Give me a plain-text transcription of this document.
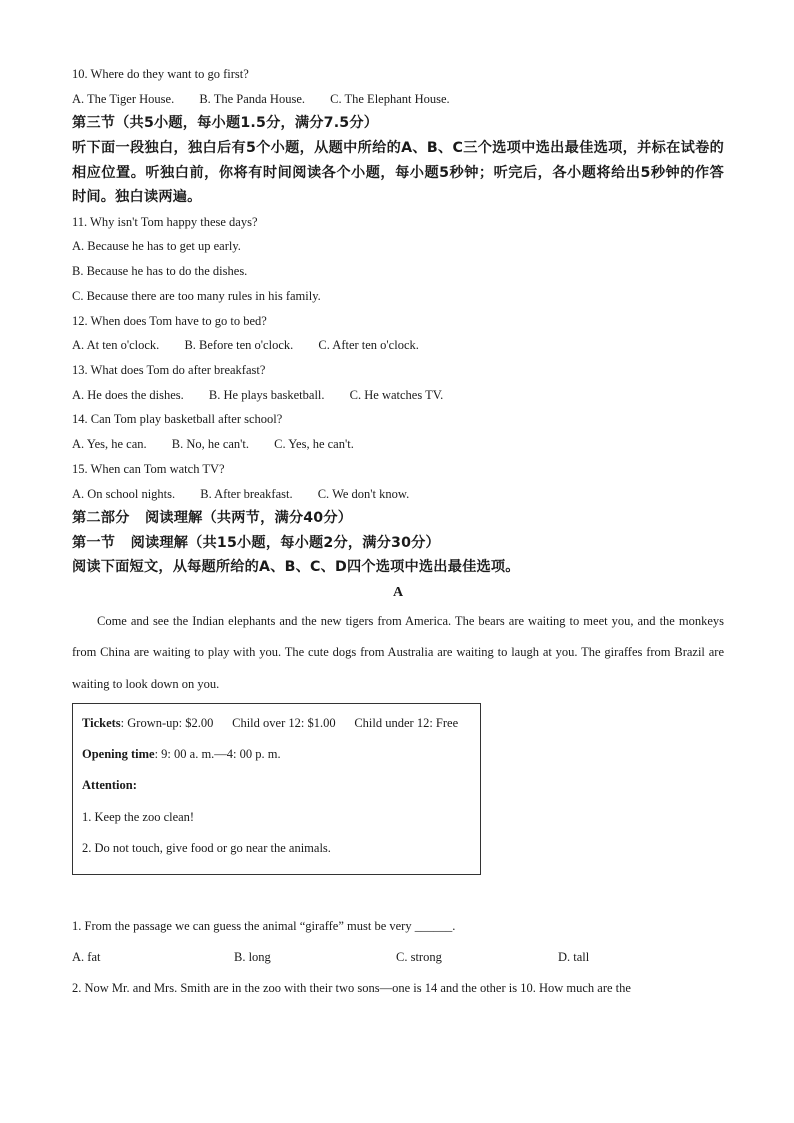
10. Where do they want to go first?
A. The Tiger House. B. The Panda House. C. The Elephant House.
第三节（共5小题，每小题1.5分，满分7.5分）
听下面一段独白，独白后有5个小题，从题中所给的A、B、C三个选项中选出最佳选项，并标在试卷的相应位置。听独白前，你将有时间阅读各个小题，每小题5秒钟；听完后，各小题将给出5秒钟的作答时间。独白读两遍。
11. Why isn't Tom happy these days?
A. Because he has to get up early.
B. Because he has to do the dishes.
C. Because there are too many rules in his family.
12. When does Tom have to go to bed?
A. At ten o'clock. B. Before ten o'clock. C. After ten o'clock.
13. What does Tom do after breakfast?
A. He does the dishes. B. He plays basketball. C. He watches TV.
14. Can Tom play basketball after school?
A. Yes, he can. B. No, he can't. C. Yes, he can't.
15. When can Tom watch TV?
A. On school nights. B. After breakfast. C. We don't know.
第二部分   阅读理解（共两节，满分40分）
第一节   阅读理解（共15小题，每小题2分，满分30分）
阅读下面短文，从每题所给的A、B、C、D四个选项中选出最佳选项。
A

Come and see the Indian elephants and the new tigers from America. The bears are waiting to meet you, and the monkeys from China are waiting to play with you. The cute dogs from Australia are waiting to laugh at you. The giraffes from Brazil are waiting to look down on you.

Tickets: Grown-up: $2.00      Child over 12: $1.00      Child under 12: Free
Opening time: 9: 00 a. m.—4: 00 p. m.
Attention:
1. Keep the zoo clean!
2. Do not touch, give food or go near the animals.
1. From the passage we can guess the animal “giraffe” must be very ______.
A. fat	B. long	C. strong	D. tall
2. Now Mr. and Mrs. Smith are in the zoo with their two sons—one is 14 and the other is 10. How much are the
